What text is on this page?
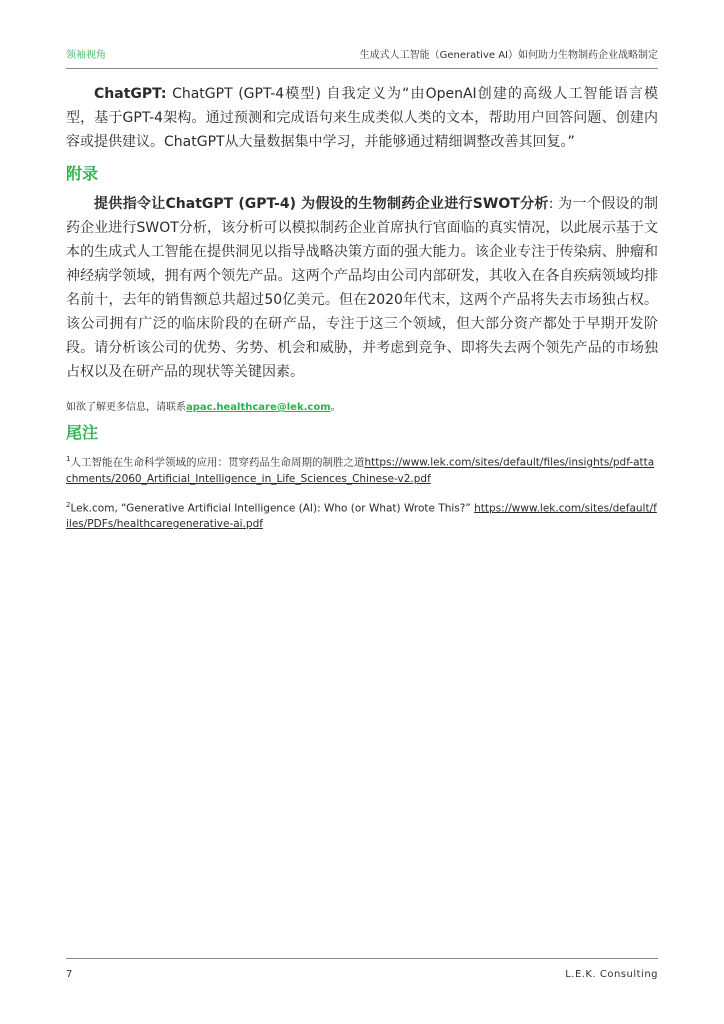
领袖视角	生成式人工智能（Generative AI）如何助力生物制药企业战略制定

ChatGPT: ChatGPT (GPT-4模型) 自我定义为“由OpenAI创建的高级人工智能语言模型，基于GPT-4架构。通过预测和完成语句来生成类似人类的文本，帮助用户回答问题、创建内容或提供建议。ChatGPT从大量数据集中学习，并能够通过精细调整改善其回复。”

附录

提供指令让ChatGPT (GPT-4) 为假设的生物制药企业进行SWOT分析: 为一个假设的制药企业进行SWOT分析，该分析可以模拟制药企业首席执行官面临的真实情况，以此展示基于文本的生成式人工智能在提供洞见以指导战略决策方面的强大能力。该企业专注于传染病、肿瘤和神经病学领域，拥有两个领先产品。这两个产品均由公司内部研发，其收入在各自疾病领域均排名前十，去年的销售额总共超过50亿美元。但在2020年代末，这两个产品将失去市场独占权。该公司拥有广泛的临床阶段的在研产品，专注于这三个领域，但大部分资产都处于早期开发阶段。请分析该公司的优势、劣势、机会和威胁，并考虑到竞争、即将失去两个领先产品的市场独占权以及在研产品的现状等关键因素。

如欲了解更多信息，请联系apac.healthcare@lek.com。

尾注

$^1$人工智能在生命科学领域的应用：贯穿药品生命周期的制胜之道https://www.lek.com/sites/default/files/insights/pdf-attachments/2060_Artificial_Intelligence_in_Life_Sciences_Chinese-v2.pdf

$^2$Lek.com, “Generative Artificial Intelligence (AI): Who (or What) Wrote This?” https://www.lek.com/sites/default/files/PDFs/healthcaregenerative-ai.pdf

7	L.E.K. Consulting
